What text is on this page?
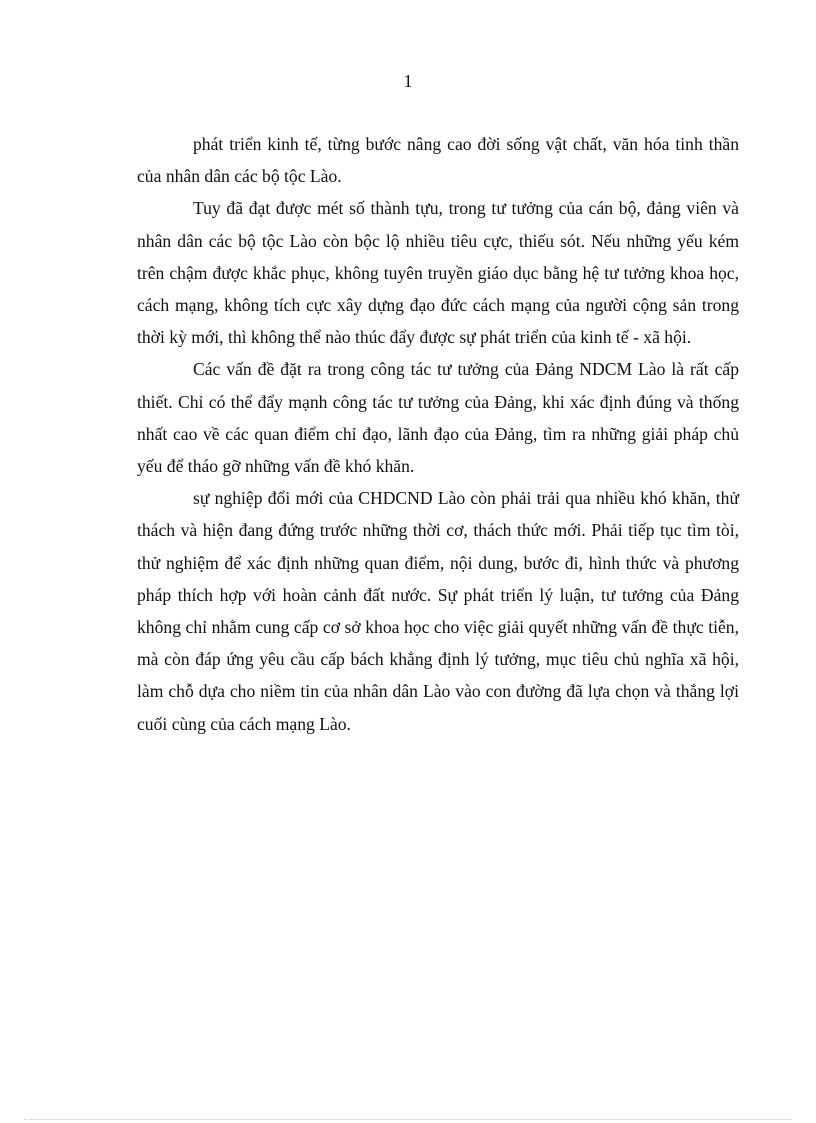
1

phát triển kinh tế, từng bước nâng cao đời sống vật chất, văn hóa tinh thần của nhân dân các bộ tộc Lào.

Tuy đã đạt được mét số thành tựu, trong tư tưởng của cán bộ, đảng viên và nhân dân các bộ tộc Lào còn bộc lộ nhiều tiêu cực, thiếu sót. Nếu những yếu kém trên chậm được khắc phục, không tuyên truyền giáo dục bằng hệ tư tưởng khoa học, cách mạng, không tích cực xây dựng đạo đức cách mạng của người cộng sản trong thời kỳ mới, thì không thể nào thúc đẩy được sự phát triển của kinh tế - xã hội.

Các vấn đề đặt ra trong công tác tư tưởng của Đảng NDCM Lào là rất cấp thiết. Chỉ có thể đẩy mạnh công tác tư tưởng của Đảng, khi xác định đúng và thống nhất cao về các quan điểm chỉ đạo, lãnh đạo của Đảng, tìm ra những giải pháp chủ yếu để tháo gỡ những vấn đề khó khăn.

sự nghiệp đổi mới của CHDCND Lào còn phải trải qua nhiều khó khăn, thử thách và hiện đang đứng trước những thời cơ, thách thức mới. Phải tiếp tục tìm tòi, thử nghiệm để xác định những quan điểm, nội dung, bước đi, hình thức và phương pháp thích hợp với hoàn cảnh đất nước. Sự phát triển lý luận, tư tưởng của Đảng không chỉ nhằm cung cấp cơ sở khoa học cho việc giải quyết những vấn đề thực tiễn, mà còn đáp ứng yêu cầu cấp bách khẳng định lý tưởng, mục tiêu chủ nghĩa xã hội, làm chỗ dựa cho niềm tin của nhân dân Lào vào con đường đã lựa chọn và thắng lợi cuối cùng của cách mạng Lào.
